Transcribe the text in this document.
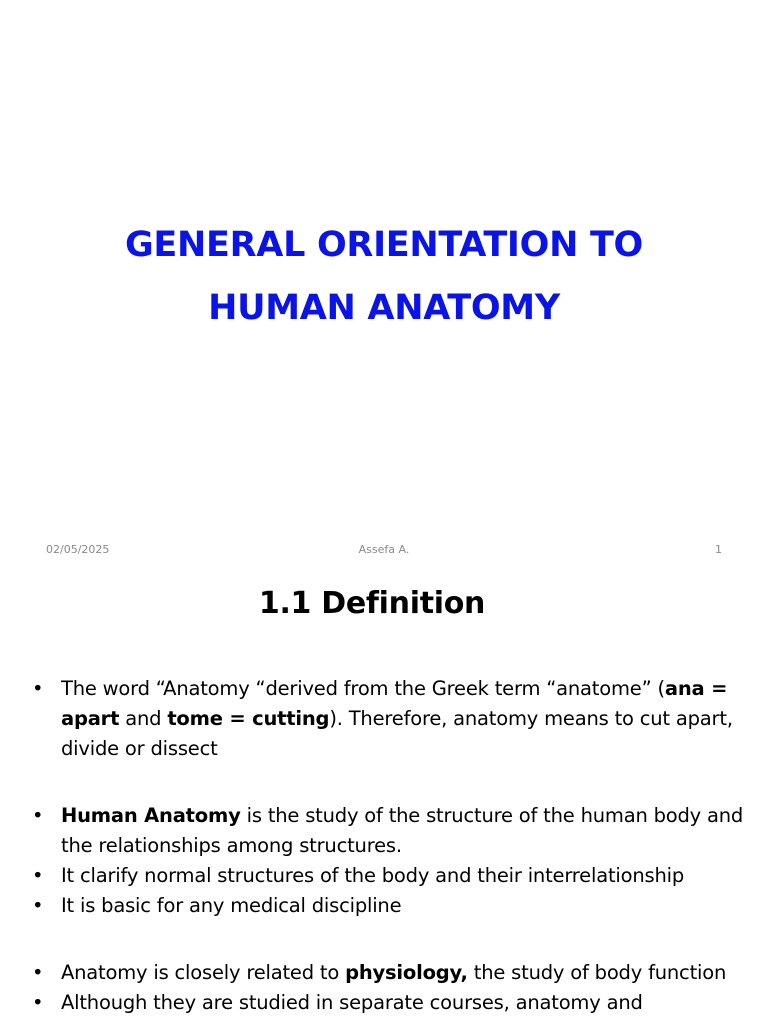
GENERAL ORIENTATION TO
HUMAN ANATOMY
02/05/2025	Assefa A.	1
1.1 Definition
• The word “Anatomy “derived from the Greek term “anatome” (ana = apart and tome = cutting). Therefore, anatomy means to cut apart, divide or dissect
• Human Anatomy is the study of the structure of the human body and the relationships among structures.
• It clarify normal structures of the body and their interrelationship
• It is basic for any medical discipline
• Anatomy is closely related to physiology, the study of body function
• Although they are studied in separate courses, anatomy and
